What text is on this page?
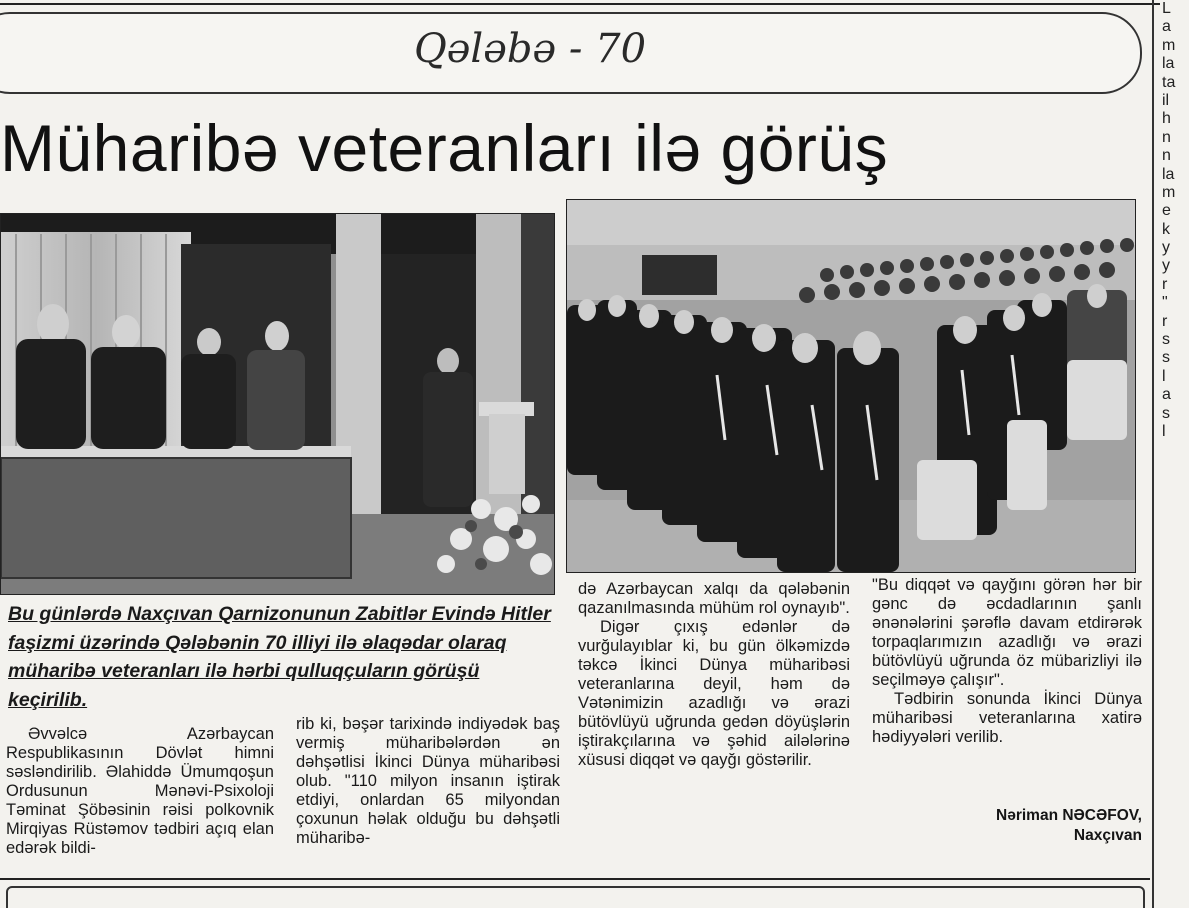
L
a
m
la
ta
il
h
n
n
la
m
e
k
y
y
r
"
r
s
s
l
a
s
l
Qələbə - 70
Müharibə veteranları ilə görüş
Bu günlərdə Naxçıvan Qarnizonunun Zabitlər Evində Hitler faşizmi üzərində Qələbənin 70 illiyi ilə əlaqədar olaraq müharibə veteranları ilə hərbi qulluqçuların görüşü keçirilib.

Əvvəlcə Azərbaycan Respublikasının Dövlət himni səsləndirilib. Əlahiddə Ümumqoşun Ordusunun Mənəvi-Psixoloji Təminat Şöbəsinin rəisi polkovnik Mirqiyas Rüstəmov tədbiri açıq elan edərək bildi-

rib ki, bəşər tarixində indiyədək baş vermiş müharibələrdən ən dəhşətlisi İkinci Dünya müharibəsi olub. "110 milyon insanın iştirak etdiyi, onlardan 65 milyondan çoxunun həlak olduğu bu dəhşətli müharibə-

də Azərbaycan xalqı da qələbənin qazanılmasında mühüm rol oynayıb".

Digər çıxış edənlər də vurğulayıblar ki, bu gün ölkəmizdə təkcə İkinci Dünya müharibəsi veteranlarına deyil, həm də Vətənimizin azadlığı və ərazi bütövlüyü uğrunda gedən döyüşlərin iştirakçılarına və şəhid ailələrinə xüsusi diqqət və qayğı göstərilir.

"Bu diqqət və qayğını görən hər bir gənc də əcdadlarının şanlı ənənələrini şərəflə davam etdirərək torpaqlarımızın azadlığı və ərazi bütövlüyü uğrunda öz mübarizliyi ilə seçilməyə çalışır".

Tədbirin sonunda İkinci Dünya müharibəsi veteranlarına xatirə hədiyyələri verilib.

Nəriman NƏCƏFOV,
Naxçıvan
